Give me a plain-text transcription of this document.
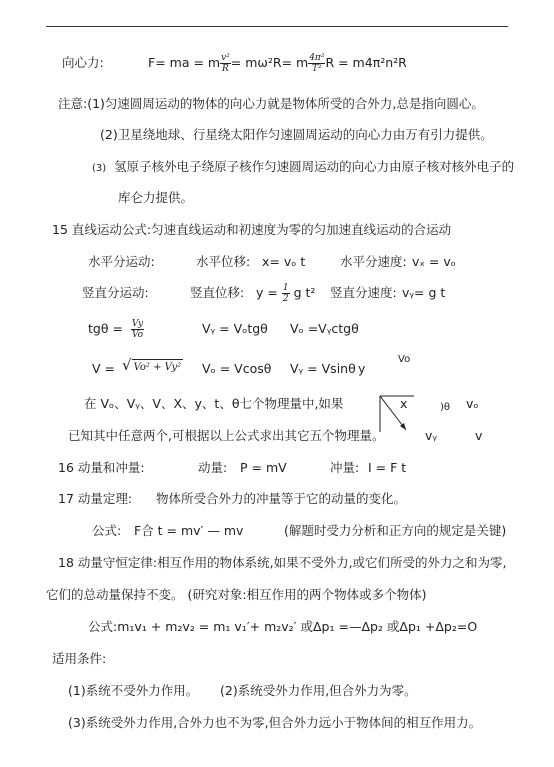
向心力:	F= ma = m $\frac{\text{v²}}{R} = m\omega^2R= m \frac{\text{4π²}}{\text{T²}}$ R = m4π²n²R
注意:(1)匀速圆周运动的物体的向心力就是物体所受的合外力,总是指向圆心。
(2)卫星绕地球、行星绕太阳作匀速圆周运动的向心力由万有引力提供。
(3) 氢原子核外电子绕原子核作匀速圆周运动的向心力由原子核对核外电子的
库仑力提供。
15 直线运动公式:匀速直线运动和初速度为零的匀加速直线运动的合运动
水平分运动:	水平位移: x= vₒ t	水平分速度: vₓ = vₒ
竖直分运动:	竖直位移: $y = \frac{1}{2}$ g t² 竖直分速度: vᵧ= g t
$tg\theta = \frac{Vy}{Vo}$	Vᵧ = Vₒtgθ Vₒ =Vᵧctgθ
V = √ Vo² + Vy² Vₒ = Vcosθ Vᵧ = Vsinθ y
Vo
在 Vₒ、Vᵧ、V、X、y、t、θ七个物理量中,如果	x	)θ vₒ
已知其中任意两个,可根据以上公式求出其它五个物理量。	vᵧ	v
16 动量和冲量:	动量: P = mV	冲量: I = F t
17 动量定理: 物体所受合外力的冲量等于它的动量的变化。
公式: F合 t = mv′ — mv	(解题时受力分析和正方向的规定是关键)
18 动量守恒定律:相互作用的物体系统,如果不受外力,或它们所受的外力之和为零,
它们的总动量保持不变。 (研究对象:相互作用的两个物体或多个物体)
公式:m₁v₁ + m₂v₂ = m₁ v₁′+ m₂v₂′ 或Δp₁ =—Δp₂ 或Δp₁ +Δp₂=O
适用条件:
(1)系统不受外力作用。 (2)系统受外力作用,但合外力为零。
(3)系统受外力作用,合外力也不为零,但合外力远小于物体间的相互作用力。
